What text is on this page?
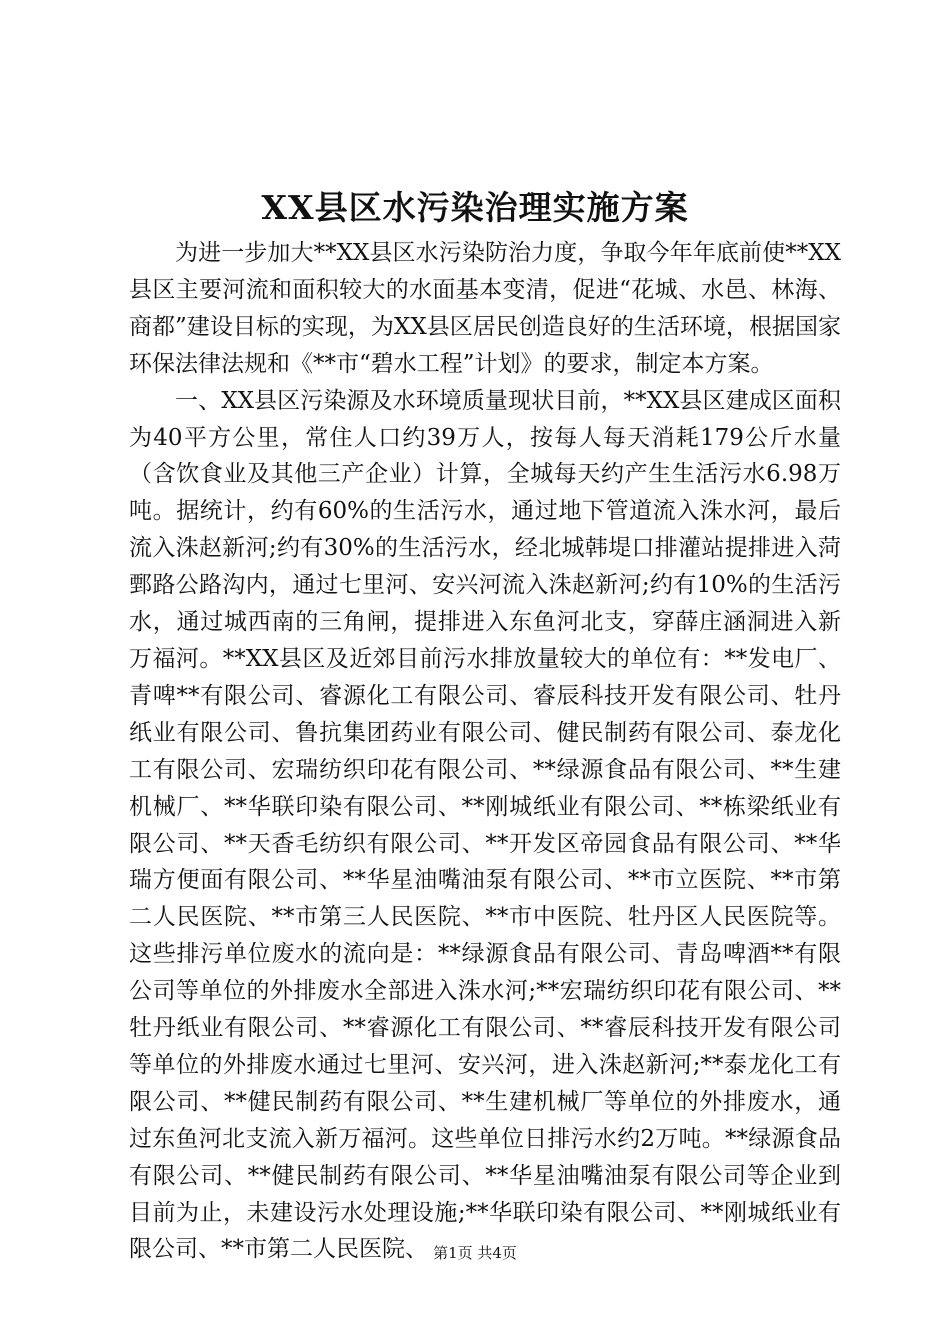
XX县区水污染治理实施方案

为进一步加大**XX县区水污染防治力度，争取今年年底前使**XX县区主要河流和面积较大的水面基本变清，促进“花城、水邑、林海、商都”建设目标的实现，为XX县区居民创造良好的生活环境，根据国家环保法律法规和《**市“碧水工程”计划》的要求，制定本方案。

一、XX县区污染源及水环境质量现状目前，**XX县区建成区面积为40平方公里，常住人口约39万人，按每人每天消耗179公斤水量（含饮食业及其他三产企业）计算，全城每天约产生生活污水6.98万吨。据统计，约有60%的生活污水，通过地下管道流入洙水河，最后流入洙赵新河;约有30%的生活污水，经北城韩堤口排灌站提排进入菏鄄路公路沟内，通过七里河、安兴河流入洙赵新河;约有10%的生活污水，通过城西南的三角闸，提排进入东鱼河北支，穿薛庄涵洞进入新万福河。**XX县区及近郊目前污水排放量较大的单位有：**发电厂、青啤**有限公司、睿源化工有限公司、睿辰科技开发有限公司、牡丹纸业有限公司、鲁抗集团药业有限公司、健民制药有限公司、泰龙化工有限公司、宏瑞纺织印花有限公司、**绿源食品有限公司、**生建机械厂、**华联印染有限公司、**刚城纸业有限公司、**栋梁纸业有限公司、**天香毛纺织有限公司、**开发区帝园食品有限公司、**华瑞方便面有限公司、**华星油嘴油泵有限公司、**市立医院、**市第二人民医院、**市第三人民医院、**市中医院、牡丹区人民医院等。这些排污单位废水的流向是：**绿源食品有限公司、青岛啤酒**有限公司等单位的外排废水全部进入洙水河;**宏瑞纺织印花有限公司、**牡丹纸业有限公司、**睿源化工有限公司、**睿辰科技开发有限公司等单位的外排废水通过七里河、安兴河，进入洙赵新河;**泰龙化工有限公司、**健民制药有限公司、**生建机械厂等单位的外排废水，通过东鱼河北支流入新万福河。这些单位日排污水约2万吨。**绿源食品有限公司、**健民制药有限公司、**华星油嘴油泵有限公司等企业到目前为止，未建设污水处理设施;**华联印染有限公司、**刚城纸业有限公司、**市第二人民医院、 第1页 共4页
